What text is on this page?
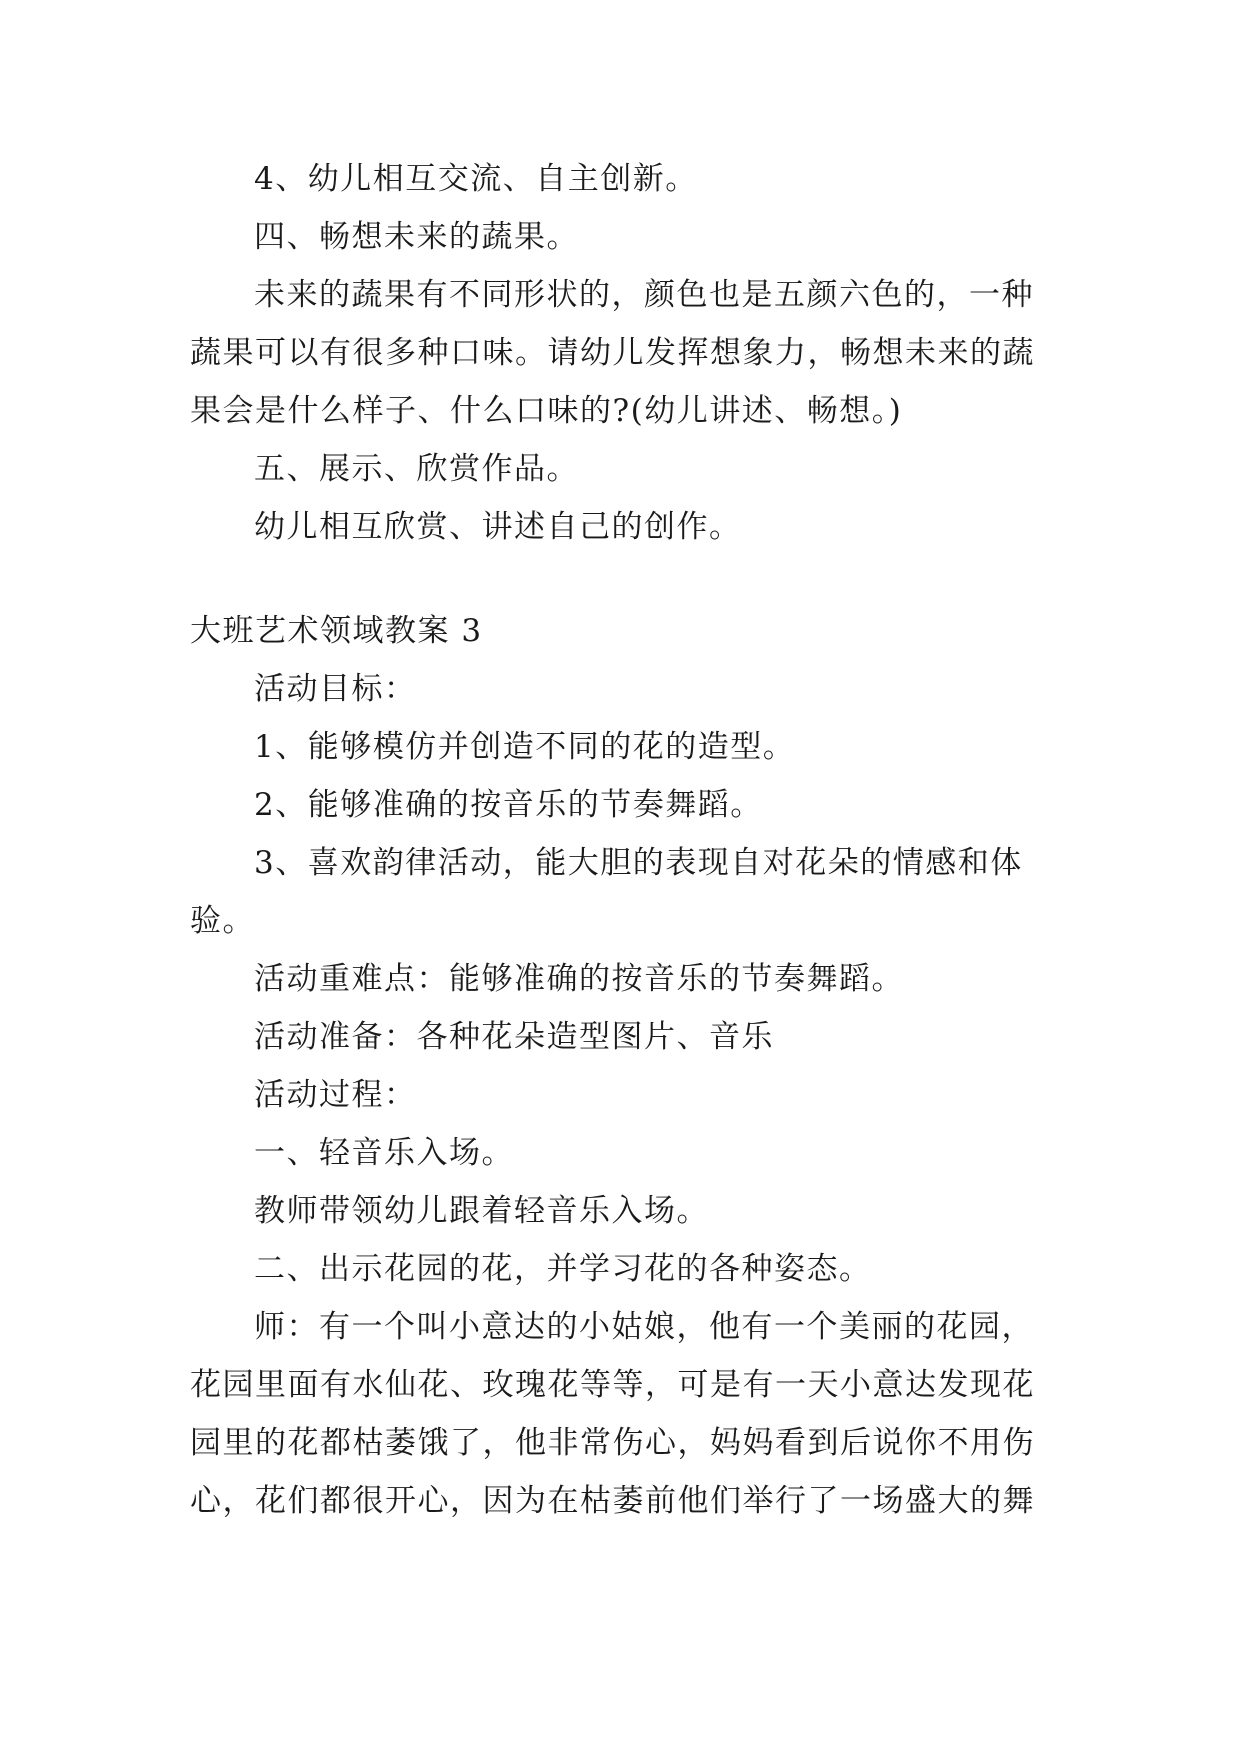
4、幼儿相互交流、自主创新。

四、畅想未来的蔬果。

未来的蔬果有不同形状的，颜色也是五颜六色的，一种蔬果可以有很多种口味。请幼儿发挥想象力，畅想未来的蔬果会是什么样子、什么口味的?(幼儿讲述、畅想。)

五、展示、欣赏作品。

幼儿相互欣赏、讲述自己的创作。

大班艺术领域教案 3

活动目标：

1、能够模仿并创造不同的花的造型。

2、能够准确的按音乐的节奏舞蹈。

3、喜欢韵律活动，能大胆的表现自对花朵的情感和体验。

活动重难点：能够准确的按音乐的节奏舞蹈。

活动准备：各种花朵造型图片、音乐

活动过程：

一、轻音乐入场。

教师带领幼儿跟着轻音乐入场。

二、出示花园的花，并学习花的各种姿态。

师：有一个叫小意达的小姑娘，他有一个美丽的花园，花园里面有水仙花、玫瑰花等等，可是有一天小意达发现花园里的花都枯萎饿了，他非常伤心，妈妈看到后说你不用伤心，花们都很开心，因为在枯萎前他们举行了一场盛大的舞
